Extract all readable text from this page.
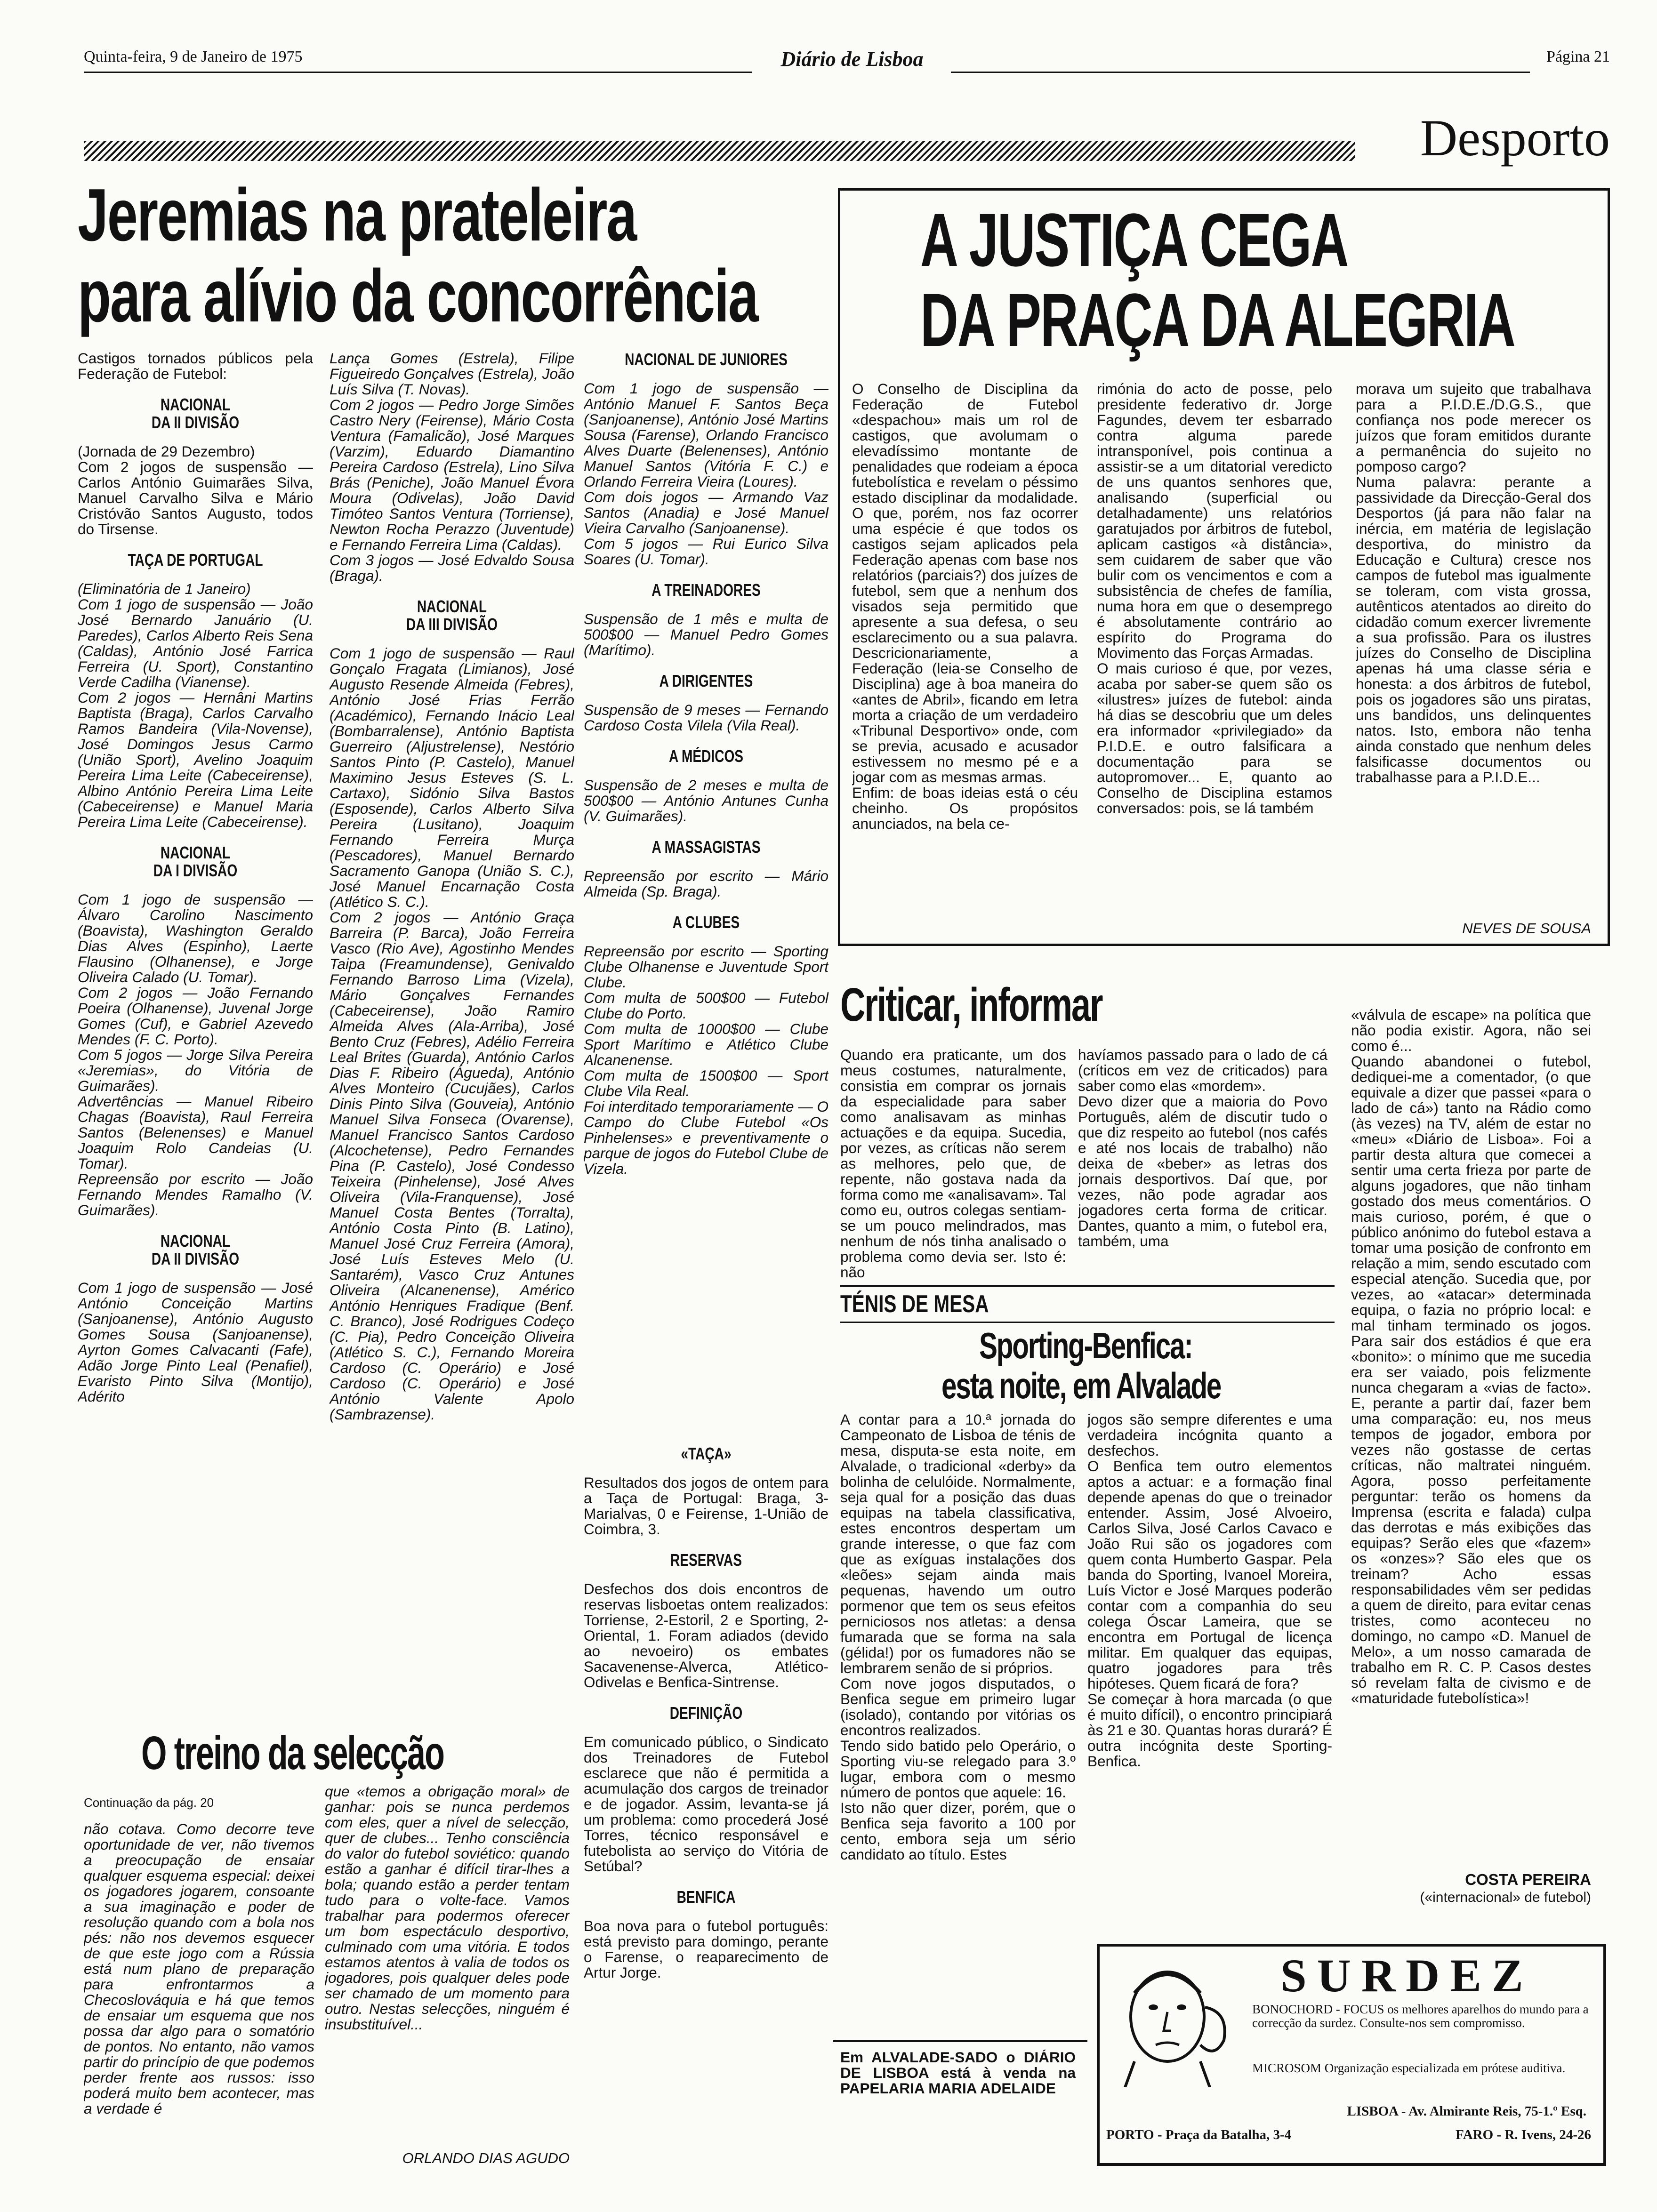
Quinta-feira, 9 de Janeiro de 1975	Diário de Lisboa	Página 21
Desporto
Jeremias na prateleira
para alívio da concorrência

Castigos tornados públicos pela Federação de Futebol:

NACIONAL
DA II DIVISÃO

(Jornada de 29 Dezembro)
Com 2 jogos de suspensão — Carlos António Guimarães Silva, Manuel Carvalho Silva e Mário Cristóvão Santos Augusto, todos do Tirsense.

TAÇA DE PORTUGAL

(Eliminatória de 1 Janeiro)
Com 1 jogo de suspensão — João José Bernardo Januário (U. Paredes), Carlos Alberto Reis Sena (Caldas), António José Farrica Ferreira (U. Sport), Constantino Verde Cadilha (Vianense).
Com 2 jogos — Hernâni Martins Baptista (Braga), Carlos Carvalho Ramos Bandeira (Vila-Novense), José Domingos Jesus Carmo (União Sport), Avelino Joaquim Pereira Lima Leite (Cabeceirense), Albino António Pereira Lima Leite (Cabeceirense) e Manuel Maria Pereira Lima Leite (Cabeceirense).

NACIONAL
DA I DIVISÃO

Com 1 jogo de suspensão — Álvaro Carolino Nascimento (Boavista), Washington Geraldo Dias Alves (Espinho), Laerte Flausino (Olhanense), e Jorge Oliveira Calado (U. Tomar).
Com 2 jogos — João Fernando Poeira (Olhanense), Juvenal Jorge Gomes (Cuf), e Gabriel Azevedo Mendes (F. C. Porto).
Com 5 jogos — Jorge Silva Pereira «Jeremias», do Vitória de Guimarães).
Advertências — Manuel Ribeiro Chagas (Boavista), Raul Ferreira Santos (Belenenses) e Manuel Joaquim Rolo Candeias (U. Tomar).
Repreensão por escrito — João Fernando Mendes Ramalho (V. Guimarães).

NACIONAL
DA II DIVISÃO

Com 1 jogo de suspensão — José António Conceição Martins (Sanjoanense), António Augusto Gomes Sousa (Sanjoanense), Ayrton Gomes Calvacanti (Fafe), Adão Jorge Pinto Leal (Penafiel), Evaristo Pinto Silva (Montijo), Adérito

Lança Gomes (Estrela), Filipe Figueiredo Gonçalves (Estrela), João Luís Silva (T. Novas).
Com 2 jogos — Pedro Jorge Simões Castro Nery (Feirense), Mário Costa Ventura (Famalicão), José Marques (Varzim), Eduardo Diamantino Pereira Cardoso (Estrela), Lino Silva Brás (Peniche), João Manuel Évora Moura (Odivelas), João David Timóteo Santos Ventura (Torriense), Newton Rocha Perazzo (Juventude) e Fernando Ferreira Lima (Caldas).
Com 3 jogos — José Edvaldo Sousa (Braga).

NACIONAL
DA III DIVISÃO

Com 1 jogo de suspensão — Raul Gonçalo Fragata (Limianos), José Augusto Resende Almeida (Febres), António José Frias Ferrão (Académico), Fernando Inácio Leal (Bombarralense), António Baptista Guerreiro (Aljustrelense), Nestório Santos Pinto (P. Castelo), Manuel Maximino Jesus Esteves (S. L. Cartaxo), Sidónio Silva Bastos (Esposende), Carlos Alberto Silva Pereira (Lusitano), Joaquim Fernando Ferreira Murça (Pescadores), Manuel Bernardo Sacramento Ganopa (União S. C.), José Manuel Encarnação Costa (Atlético S. C.).
Com 2 jogos — António Graça Barreira (P. Barca), João Ferreira Vasco (Rio Ave), Agostinho Mendes Taipa (Freamundense), Genivaldo Fernando Barroso Lima (Vizela), Mário Gonçalves Fernandes (Cabeceirense), João Ramiro Almeida Alves (Ala-Arriba), José Bento Cruz (Febres), Adélio Ferreira Leal Brites (Guarda), António Carlos Dias F. Ribeiro (Águeda), António Alves Monteiro (Cucujães), Carlos Dinis Pinto Silva (Gouveia), António Manuel Silva Fonseca (Ovarense), Manuel Francisco Santos Cardoso (Alcochetense), Pedro Fernandes Pina (P. Castelo), José Condesso Teixeira (Pinhelense), José Alves Oliveira (Vila-Franquense), José Manuel Costa Bentes (Torralta), António Costa Pinto (B. Latino), Manuel José Cruz Ferreira (Amora), José Luís Esteves Melo (U. Santarém), Vasco Cruz Antunes Oliveira (Alcanenense), Américo António Henriques Fradique (Benf. C. Branco), José Rodrigues Codeço (C. Pia), Pedro Conceição Oliveira (Atlético S. C.), Fernando Moreira Cardoso (C. Operário) e José Cardoso (C. Operário) e José António Valente Apolo (Sambrazense).

NACIONAL DE JUNIORES

Com 1 jogo de suspensão — António Manuel F. Santos Beça (Sanjoanense), António José Martins Sousa (Farense), Orlando Francisco Alves Duarte (Belenenses), António Manuel Santos (Vitória F. C.) e Orlando Ferreira Vieira (Loures).
Com dois jogos — Armando Vaz Santos (Anadia) e José Manuel Vieira Carvalho (Sanjoanense).
Com 5 jogos — Rui Eurico Silva Soares (U. Tomar).

A TREINADORES

Suspensão de 1 mês e multa de 500$00 — Manuel Pedro Gomes (Marítimo).

A DIRIGENTES

Suspensão de 9 meses — Fernando Cardoso Costa Vilela (Vila Real).

A MÉDICOS

Suspensão de 2 meses e multa de 500$00 — António Antunes Cunha (V. Guimarães).

A MASSAGISTAS

Repreensão por escrito — Mário Almeida (Sp. Braga).

A CLUBES

Repreensão por escrito — Sporting Clube Olhanense e Juventude Sport Clube.
Com multa de 500$00 — Futebol Clube do Porto.
Com multa de 1000$00 — Clube Sport Marítimo e Atlético Clube Alcanenense.
Com multa de 1500$00 — Sport Clube Vila Real.
Foi interditado temporariamente — O Campo do Clube Futebol «Os Pinhelenses» e preventivamente o parque de jogos do Futebol Clube de Vizela.

«TAÇA»

Resultados dos jogos de ontem para a Taça de Portugal: Braga, 3-Marialvas, 0 e Feirense, 1-União de Coimbra, 3.

RESERVAS

Desfechos dos dois encontros de reservas lisboetas ontem realizados: Torriense, 2-Estoril, 2 e Sporting, 2-Oriental, 1. Foram adiados (devido ao nevoeiro) os embates Sacavenense-Alverca, Atlético-Odivelas e Benfica-Sintrense.

DEFINIÇÃO

Em comunicado público, o Sindicato dos Treinadores de Futebol esclarece que não é permitida a acumulação dos cargos de treinador e de jogador. Assim, levanta-se já um problema: como procederá José Torres, técnico responsável e futebolista ao serviço do Vitória de Setúbal?

BENFICA

Boa nova para o futebol português: está previsto para domingo, perante o Farense, o reaparecimento de Artur Jorge.

O treino da selecção
Continuação da pág. 20

não cotava. Como decorre teve oportunidade de ver, não tivemos a preocupação de ensaiar qualquer esquema especial: deixei os jogadores jogarem, consoante a sua imaginação e poder de resolução quando com a bola nos pés: não nos devemos esquecer de que este jogo com a Rússia está num plano de preparação para enfrontarmos a Checoslováquia e há que temos de ensaiar um esquema que nos possa dar algo para o somatório de pontos. No entanto, não vamos partir do princípio de que podemos perder frente aos russos: isso poderá muito bem acontecer, mas a verdade é

que «temos a obrigação moral» de ganhar: pois se nunca perdemos com eles, quer a nível de selecção, quer de clubes... Tenho consciência do valor do futebol soviético: quando estão a ganhar é difícil tirar-lhes a bola; quando estão a perder tentam tudo para o volte-face. Vamos trabalhar para podermos oferecer um bom espectáculo desportivo, culminado com uma vitória. E todos estamos atentos à valia de todos os jogadores, pois qualquer deles pode ser chamado de um momento para outro. Nestas selecções, ninguém é insubstituível...

ORLANDO DIAS AGUDO
A JUSTIÇA CEGA
DA PRAÇA DA ALEGRIA

O Conselho de Disciplina da Federação de Futebol «despachou» mais um rol de castigos, que avolumam o elevadíssimo montante de penalidades que rodeiam a época futebolística e revelam o péssimo estado disciplinar da modalidade. O que, porém, nos faz ocorrer uma espécie é que todos os castigos sejam aplicados pela Federação apenas com base nos relatórios (parciais?) dos juízes de futebol, sem que a nenhum dos visados seja permitido que apresente a sua defesa, o seu esclarecimento ou a sua palavra. Descricionariamente, a Federação (leia-se Conselho de Disciplina) age à boa maneira do «antes de Abril», ficando em letra morta a criação de um verdadeiro «Tribunal Desportivo» onde, com se previa, acusado e acusador estivessem no mesmo pé e a jogar com as mesmas armas.
Enfim: de boas ideias está o céu cheinho. Os propósitos anunciados, na bela ce-

rimónia do acto de posse, pelo presidente federativo dr. Jorge Fagundes, devem ter esbarrado contra alguma parede intransponível, pois continua a assistir-se a um ditatorial veredicto de uns quantos senhores que, analisando (superficial ou detalhadamente) uns relatórios garatujados por árbitros de futebol, aplicam castigos «à distância», sem cuidarem de saber que vão bulir com os vencimentos e com a subsistência de chefes de família, numa hora em que o desemprego é absolutamente contrário ao espírito do Programa do Movimento das Forças Armadas.
O mais curioso é que, por vezes, acaba por saber-se quem são os «ilustres» juízes de futebol: ainda há dias se descobriu que um deles era informador «privilegiado» da P.I.D.E. e outro falsificara a documentação para se autopromover... E, quanto ao Conselho de Disciplina estamos conversados: pois, se lá também

morava um sujeito que trabalhava para a P.I.D.E./D.G.S., que confiança nos pode merecer os juízos que foram emitidos durante a permanência do sujeito no pomposo cargo?
Numa palavra: perante a passividade da Direcção-Geral dos Desportos (já para não falar na inércia, em matéria de legislação desportiva, do ministro da Educação e Cultura) cresce nos campos de futebol mas igualmente se toleram, com vista grossa, autênticos atentados ao direito do cidadão comum exercer livremente a sua profissão. Para os ilustres juízes do Conselho de Disciplina apenas há uma classe séria e honesta: a dos árbitros de futebol, pois os jogadores são uns piratas, uns bandidos, uns delinquentes natos. Isto, embora não tenha ainda constado que nenhum deles falsificasse documentos ou trabalhasse para a P.I.D.E...

NEVES DE SOUSA
Criticar, informar

Quando era praticante, um dos meus costumes, naturalmente, consistia em comprar os jornais da especialidade para saber como analisavam as minhas actuações e da equipa. Sucedia, por vezes, as críticas não serem as melhores, pelo que, de repente, não gostava nada da forma como me «analisavam». Tal como eu, outros colegas sentiam-se um pouco melindrados, mas nenhum de nós tinha analisado o problema como devia ser. Isto é: não

havíamos passado para o lado de cá (críticos em vez de criticados) para saber como elas «mordem».
Devo dizer que a maioria do Povo Português, além de discutir tudo o que diz respeito ao futebol (nos cafés e até nos locais de trabalho) não deixa de «beber» as letras dos jornais desportivos. Daí que, por vezes, não pode agradar aos jogadores certa forma de criticar. Dantes, quanto a mim, o futebol era, também, uma

«válvula de escape» na política que não podia existir. Agora, não sei como é...
Quando abandonei o futebol, dediquei-me a comentador, (o que equivale a dizer que passei «para o lado de cá») tanto na Rádio como (às vezes) na TV, além de estar no «meu» «Diário de Lisboa». Foi a partir desta altura que comecei a sentir uma certa frieza por parte de alguns jogadores, que não tinham gostado dos meus comentários. O mais curioso, porém, é que o público anónimo do futebol estava a tomar uma posição de confronto em relação a mim, sendo escutado com especial atenção. Sucedia que, por vezes, ao «atacar» determinada equipa, o fazia no próprio local: e mal tinham terminado os jogos. Para sair dos estádios é que era «bonito»: o mínimo que me sucedia era ser vaiado, pois felizmente nunca chegaram a «vias de facto». E, perante a partir daí, fazer bem uma comparação: eu, nos meus tempos de jogador, embora por vezes não gostasse de certas críticas, não maltratei ninguém. Agora, posso perfeitamente perguntar: terão os homens da Imprensa (escrita e falada) culpa das derrotas e más exibições das equipas? Serão eles que «fazem» os «onzes»? São eles que os treinam? Acho essas responsabilidades vêm ser pedidas a quem de direito, para evitar cenas tristes, como aconteceu no domingo, no campo «D. Manuel de Melo», a um nosso camarada de trabalho em R. C. P. Casos destes só revelam falta de civismo e de «maturidade futebolística»!

COSTA PEREIRA
(«internacional» de futebol)
TÉNIS DE MESA
Sporting-Benfica:
esta noite, em Alvalade

A contar para a 10.ª jornada do Campeonato de Lisboa de ténis de mesa, disputa-se esta noite, em Alvalade, o tradicional «derby» da bolinha de celulóide. Normalmente, seja qual for a posição das duas equipas na tabela classificativa, estes encontros despertam um grande interesse, o que faz com que as exíguas instalações dos «leões» sejam ainda mais pequenas, havendo um outro pormenor que tem os seus efeitos perniciosos nos atletas: a densa fumarada que se forma na sala (gélida!) por os fumadores não se lembrarem senão de si próprios.
Com nove jogos disputados, o Benfica segue em primeiro lugar (isolado), contando por vitórias os encontros realizados.
Tendo sido batido pelo Operário, o Sporting viu-se relegado para 3.º lugar, embora com o mesmo número de pontos que aquele: 16.
Isto não quer dizer, porém, que o Benfica seja favorito a 100 por cento, embora seja um sério candidato ao título. Estes

jogos são sempre diferentes e uma verdadeira incógnita quanto a desfechos.
O Benfica tem outro elementos aptos a actuar: e a formação final depende apenas do que o treinador entender. Assim, José Alvoeiro, Carlos Silva, José Carlos Cavaco e João Rui são os jogadores com quem conta Humberto Gaspar. Pela banda do Sporting, Ivanoel Moreira, Luís Victor e José Marques poderão contar com a companhia do seu colega Óscar Lameira, que se encontra em Portugal de licença militar. Em qualquer das equipas, quatro jogadores para três hipóteses. Quem ficará de fora?
Se começar à hora marcada (o que é muito difícil), o encontro principiará às 21 e 30. Quantas horas durará? É outra incógnita deste Sporting-Benfica.

Em ALVALADE-SADO o DIÁRIO DE LISBOA está à venda na PAPELARIA MARIA ADELAIDE

SURDEZ
BONOCHORD - FOCUS os melhores aparelhos do mundo para a correcção da surdez. Consulte-nos sem compromisso.
MICROSOM Organização especializada em prótese auditiva.
LISBOA - Av. Almirante Reis, 75-1.º Esq.
PORTO - Praça da Batalha, 3-4	FARO - R. Ivens, 24-26
